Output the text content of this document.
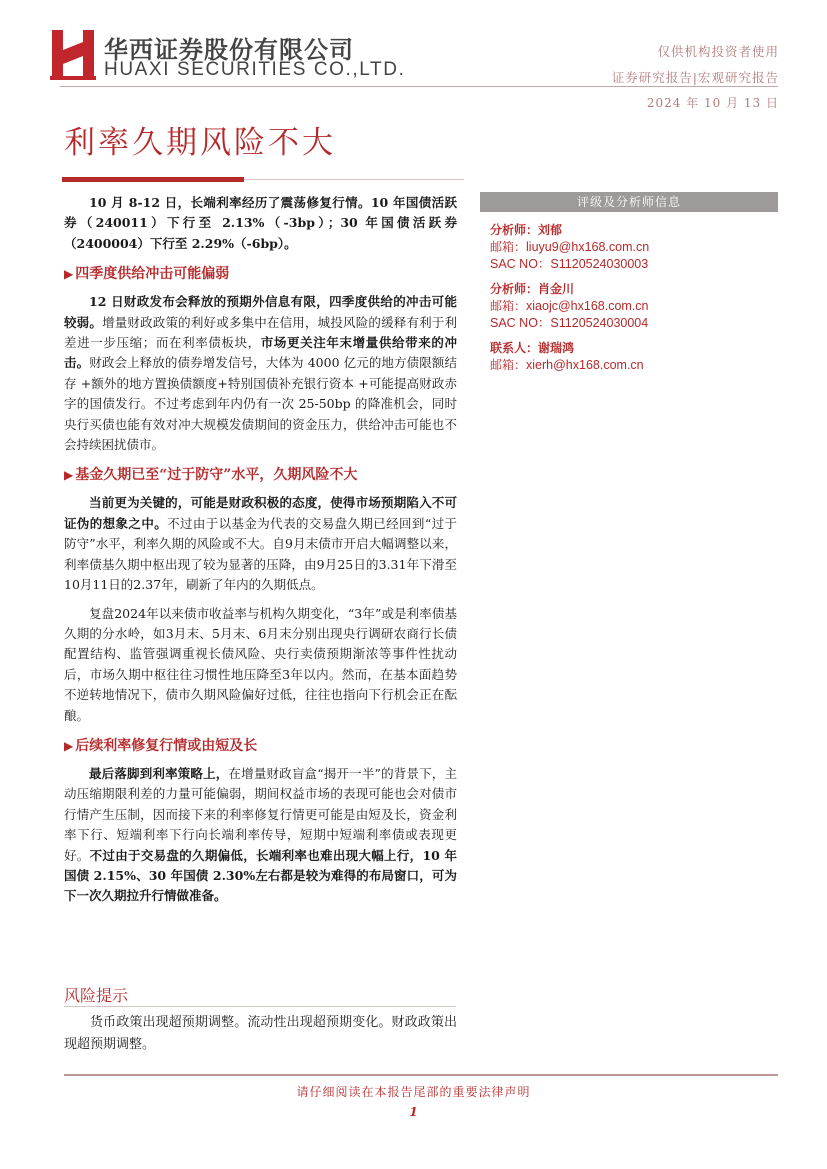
华西证券股份有限公司
HUAXI SECURITIES CO.,LTD.
仅供机构投资者使用
证券研究报告|宏观研究报告
2024 年 10 月 13 日
利率久期风险不大

10 月 8-12 日，长端利率经历了震荡修复行情。10 年国债活跃券（240011）下行至 2.13%（-3bp）；30 年国债活跃券（2400004）下行至 2.29%（-6bp）。

▶ 四季度供给冲击可能偏弱

12 日财政发布会释放的预期外信息有限，四季度供给的冲击可能较弱。增量财政政策的利好或多集中在信用，城投风险的缓释有利于利差进一步压缩；而在利率债板块，市场更关注年末增量供给带来的冲击。财政会上释放的债券增发信号，大体为 4000 亿元的地方债限额结存 +额外的地方置换债额度+特别国债补充银行资本 +可能提高财政赤字的国债发行。不过考虑到年内仍有一次 25-50bp 的降准机会，同时央行买债也能有效对冲大规模发债期间的资金压力，供给冲击可能也不会持续困扰债市。

▶ 基金久期已至“过于防守”水平，久期风险不大

当前更为关键的，可能是财政积极的态度，使得市场预期陷入不可证伪的想象之中。不过由于以基金为代表的交易盘久期已经回到“过于防守”水平，利率久期的风险或不大。自9月末债市开启大幅调整以来，利率债基久期中枢出现了较为显著的压降，由9月25日的3.31年下滑至10月11日的2.37年，刷新了年内的久期低点。

复盘2024年以来债市收益率与机构久期变化，“3年”或是利率债基久期的分水岭，如3月末、5月末、6月末分别出现央行调研农商行长债配置结构、监管强调重视长债风险、央行卖债预期渐浓等事件性扰动后，市场久期中枢往往习惯性地压降至3年以内。然而，在基本面趋势不逆转地情况下，债市久期风险偏好过低，往往也指向下行机会正在酝酿。

▶ 后续利率修复行情或由短及长

最后落脚到利率策略上，在增量财政盲盒“揭开一半”的背景下，主动压缩期限利差的力量可能偏弱，期间权益市场的表现可能也会对债市行情产生压制，因而接下来的利率修复行情更可能是由短及长，资金利率下行、短端利率下行向长端利率传导，短期中短端利率债或表现更好。不过由于交易盘的久期偏低，长端利率也难出现大幅上行，10 年国债 2.15%、30 年国债 2.30%左右都是较为难得的布局窗口，可为下一次久期拉升行情做准备。

评级及分析师信息
分析师：刘郁
邮箱：liuyu9@hx168.com.cn
SAC NO：S1120524030003
分析师：肖金川
邮箱：xiaojc@hx168.com.cn
SAC NO：S1120524030004
联系人：谢瑞鸿
邮箱：xierh@hx168.com.cn
风险提示
货币政策出现超预期调整。流动性出现超预期变化。财政政策出现超预期调整。
请仔细阅读在本报告尾部的重要法律声明
1
